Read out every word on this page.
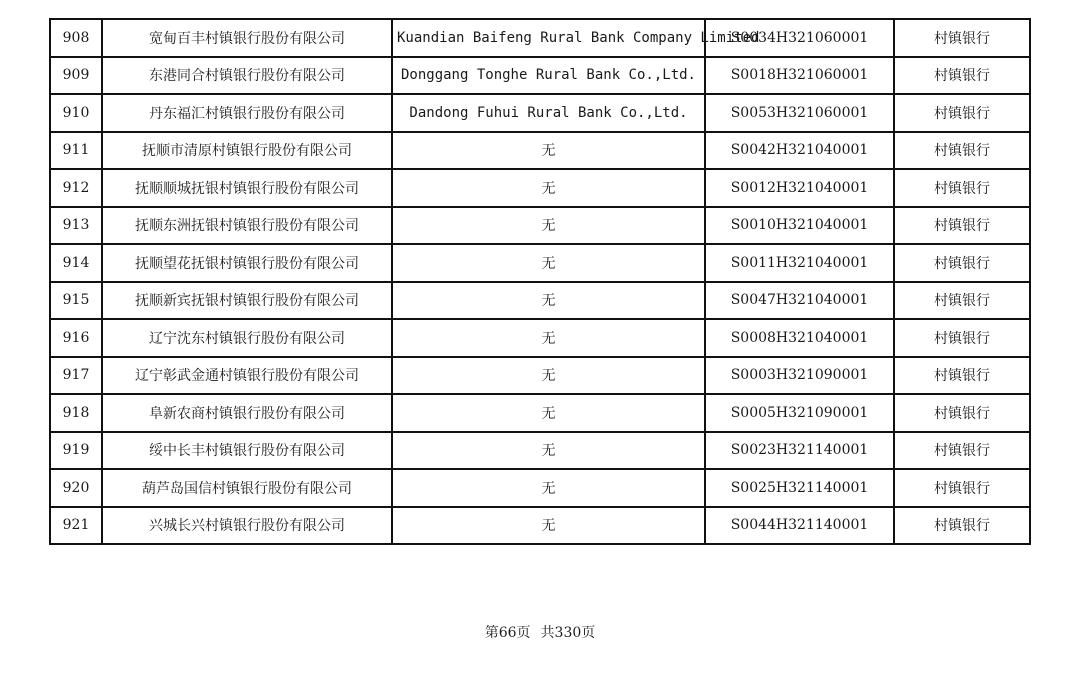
908	宽甸百丰村镇银行股份有限公司	Kuandian Baifeng Rural Bank Company Limited	S0034H321060001	村镇银行
909	东港同合村镇银行股份有限公司	Donggang Tonghe Rural Bank Co.,Ltd.	S0018H321060001	村镇银行
910	丹东福汇村镇银行股份有限公司	Dandong Fuhui Rural Bank Co.,Ltd.	S0053H321060001	村镇银行
911	抚顺市清原村镇银行股份有限公司	无	S0042H321040001	村镇银行
912	抚顺顺城抚银村镇银行股份有限公司	无	S0012H321040001	村镇银行
913	抚顺东洲抚银村镇银行股份有限公司	无	S0010H321040001	村镇银行
914	抚顺望花抚银村镇银行股份有限公司	无	S0011H321040001	村镇银行
915	抚顺新宾抚银村镇银行股份有限公司	无	S0047H321040001	村镇银行
916	辽宁沈东村镇银行股份有限公司	无	S0008H321040001	村镇银行
917	辽宁彰武金通村镇银行股份有限公司	无	S0003H321090001	村镇银行
918	阜新农商村镇银行股份有限公司	无	S0005H321090001	村镇银行
919	绥中长丰村镇银行股份有限公司	无	S0023H321140001	村镇银行
920	葫芦岛国信村镇银行股份有限公司	无	S0025H321140001	村镇银行
921	兴城长兴村镇银行股份有限公司	无	S0044H321140001	村镇银行
第66页 共330页
